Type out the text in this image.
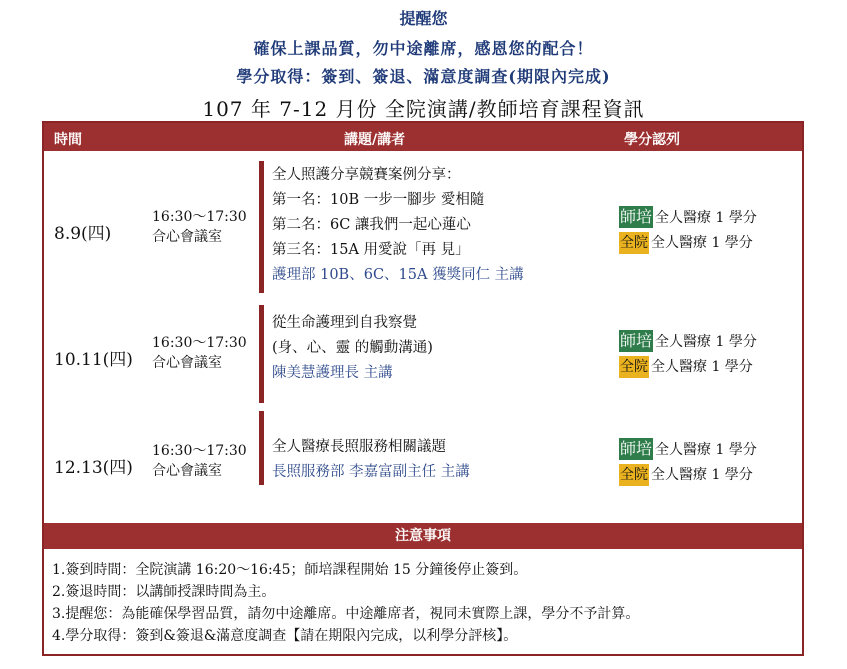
提醒您
確保上課品質，勿中途離席，感恩您的配合！
學分取得：簽到、簽退、滿意度調查(期限內完成)
107 年 7-12 月份 全院演講/教師培育課程資訊
時間	講題/講者	學分認列
8.9(四)
16:30～17:30
合心會議室
全人照護分享競賽案例分享：
第一名：10B 一步一腳步 愛相隨
第二名：6C 讓我們一起心蓮心
第三名：15A 用愛說「再 見」
護理部 10B、6C、15A 獲獎同仁 主講
師培 全人醫療 1 學分
全院 全人醫療 1 學分
10.11(四)
16:30～17:30
合心會議室
從生命護理到自我察覺
(身、心、靈 的觸動溝通)
陳美慧護理長 主講
師培 全人醫療 1 學分
全院 全人醫療 1 學分
12.13(四)
16:30～17:30
合心會議室
全人醫療長照服務相關議題
長照服務部 李嘉富副主任 主講
師培 全人醫療 1 學分
全院 全人醫療 1 學分
注意事項
1.簽到時間：全院演講 16:20～16:45；師培課程開始 15 分鐘後停止簽到。
2.簽退時間：以講師授課時間為主。
3.提醒您：為能確保學習品質，請勿中途離席。中途離席者，視同未實際上課，學分不予計算。
4.學分取得：簽到&簽退&滿意度調查【請在期限內完成，以利學分評核】。
